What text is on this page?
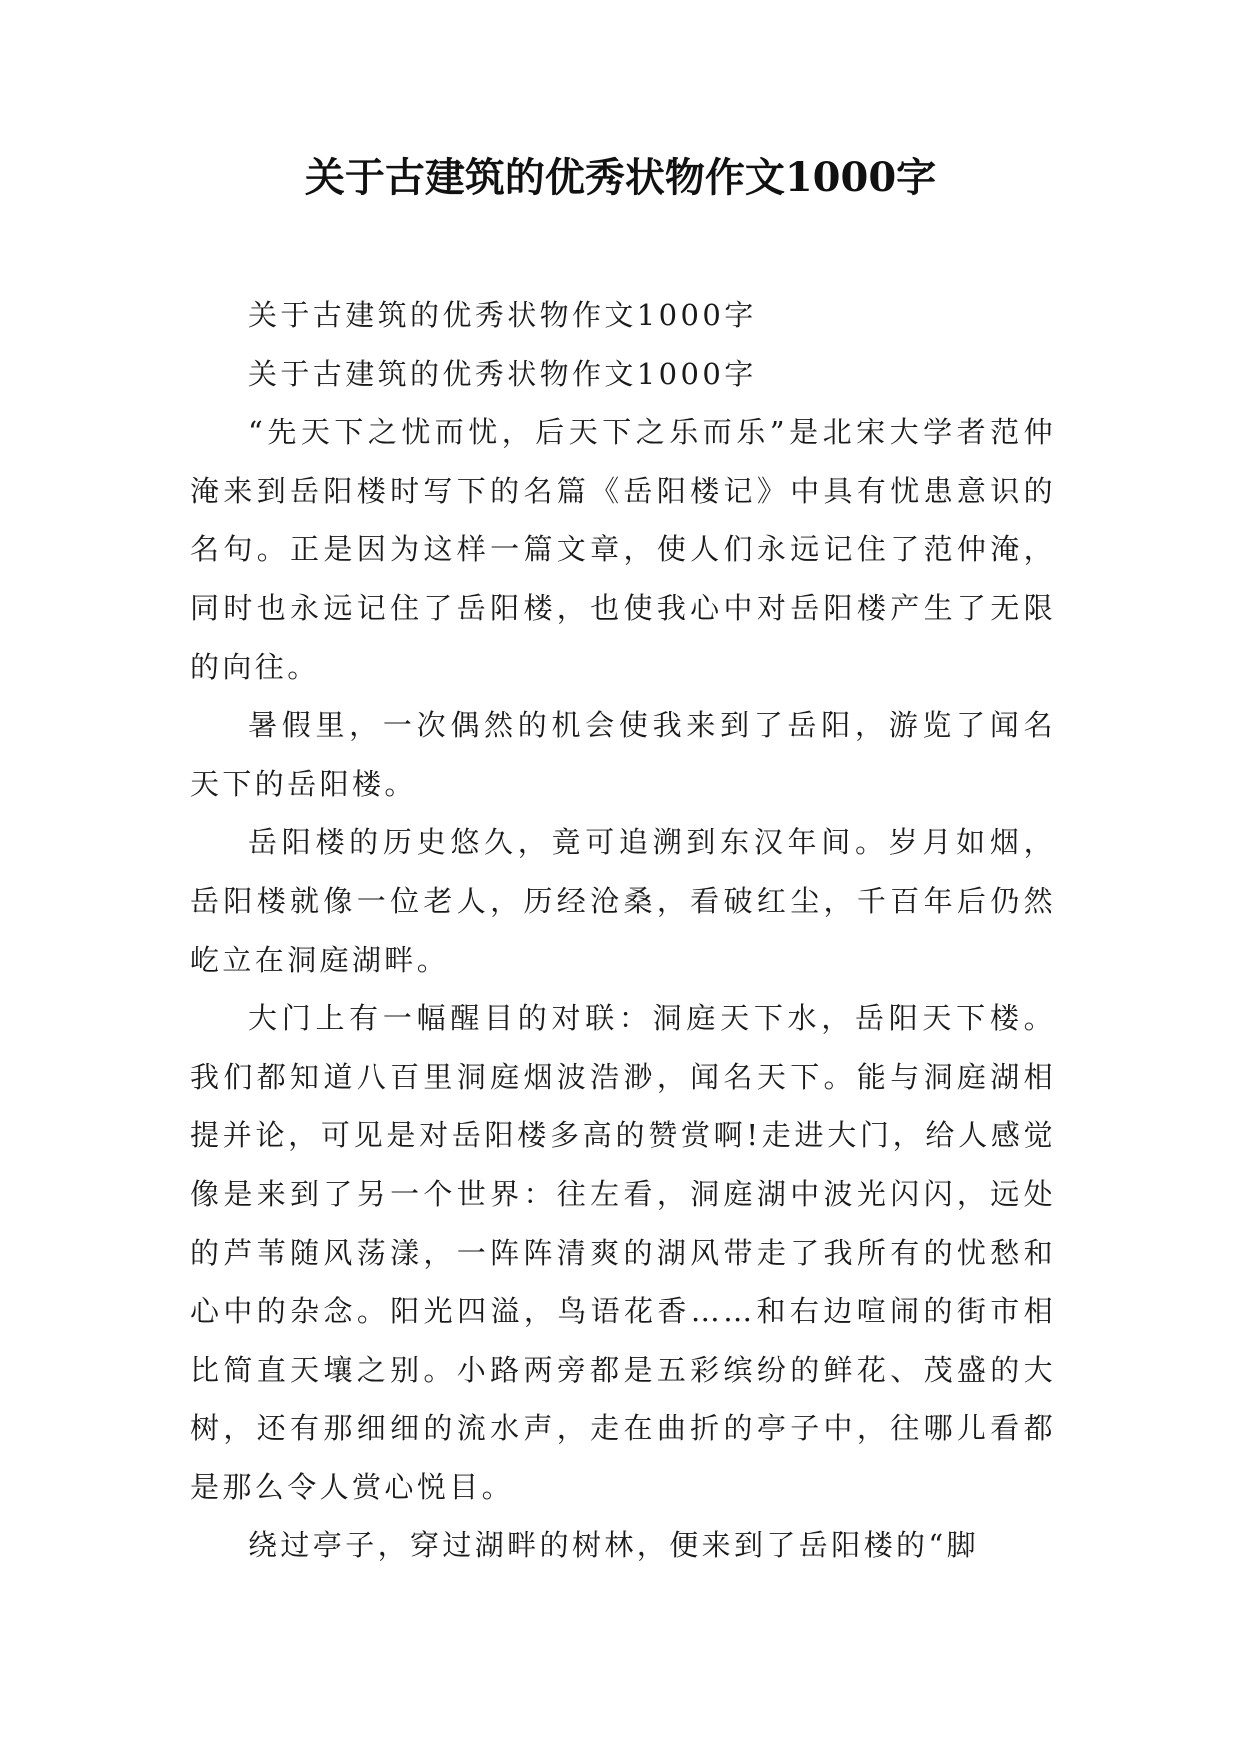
关于古建筑的优秀状物作文1000字

关于古建筑的优秀状物作文1000字

关于古建筑的优秀状物作文1000字

“先天下之忧而忧，后天下之乐而乐”是北宋大学者范仲淹来到岳阳楼时写下的名篇《岳阳楼记》中具有忧患意识的名句。正是因为这样一篇文章，使人们永远记住了范仲淹，同时也永远记住了岳阳楼，也使我心中对岳阳楼产生了无限的向往。

暑假里，一次偶然的机会使我来到了岳阳，游览了闻名天下的岳阳楼。

岳阳楼的历史悠久，竟可追溯到东汉年间。岁月如烟，岳阳楼就像一位老人，历经沧桑，看破红尘，千百年后仍然屹立在洞庭湖畔。

大门上有一幅醒目的对联：洞庭天下水，岳阳天下楼。我们都知道八百里洞庭烟波浩渺，闻名天下。能与洞庭湖相提并论，可见是对岳阳楼多高的赞赏啊!走进大门，给人感觉像是来到了另一个世界：往左看，洞庭湖中波光闪闪，远处的芦苇随风荡漾，一阵阵清爽的湖风带走了我所有的忧愁和心中的杂念。阳光四溢，鸟语花香……和右边喧闹的街市相比简直天壤之别。小路两旁都是五彩缤纷的鲜花、茂盛的大树，还有那细细的流水声，走在曲折的亭子中，往哪儿看都是那么令人赏心悦目。

绕过亭子，穿过湖畔的树林，便来到了岳阳楼的“脚
